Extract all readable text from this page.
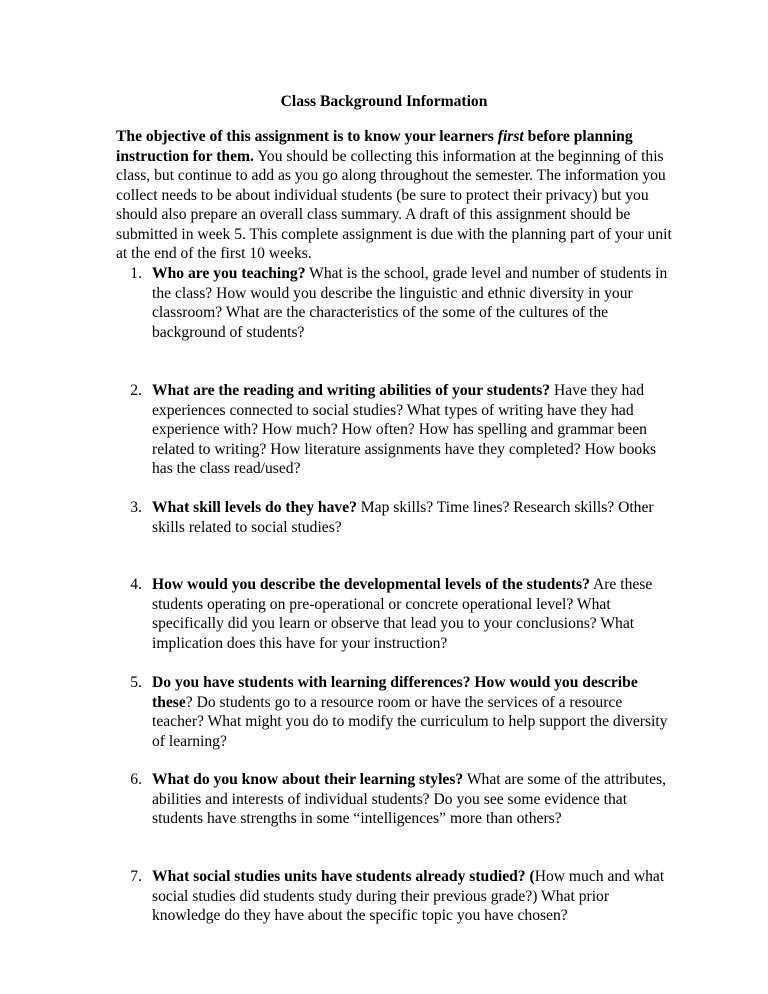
Class Background Information

The objective of this assignment is to know your learners first before planning instruction for them. You should be collecting this information at the beginning of this class, but continue to add as you go along throughout the semester. The information you collect needs to be about individual students (be sure to protect their privacy) but you should also prepare an overall class summary. A draft of this assignment should be submitted in week 5. This complete assignment is due with the planning part of your unit at the end of the first 10 weeks.

1. Who are you teaching? What is the school, grade level and number of students in the class? How would you describe the linguistic and ethnic diversity in your classroom? What are the characteristics of the some of the cultures of the background of students?
2. What are the reading and writing abilities of your students? Have they had experiences connected to social studies? What types of writing have they had experience with? How much? How often? How has spelling and grammar been related to writing? How literature assignments have they completed? How books has the class read/used?
3. What skill levels do they have? Map skills? Time lines? Research skills? Other skills related to social studies?
4. How would you describe the developmental levels of the students? Are these students operating on pre-operational or concrete operational level? What specifically did you learn or observe that lead you to your conclusions? What implication does this have for your instruction?
5. Do you have students with learning differences? How would you describe these? Do students go to a resource room or have the services of a resource teacher? What might you do to modify the curriculum to help support the diversity of learning?
6. What do you know about their learning styles? What are some of the attributes, abilities and interests of individual students? Do you see some evidence that students have strengths in some “intelligences” more than others?
7. What social studies units have students already studied? (How much and what social studies did students study during their previous grade?) What prior knowledge do they have about the specific topic you have chosen?
